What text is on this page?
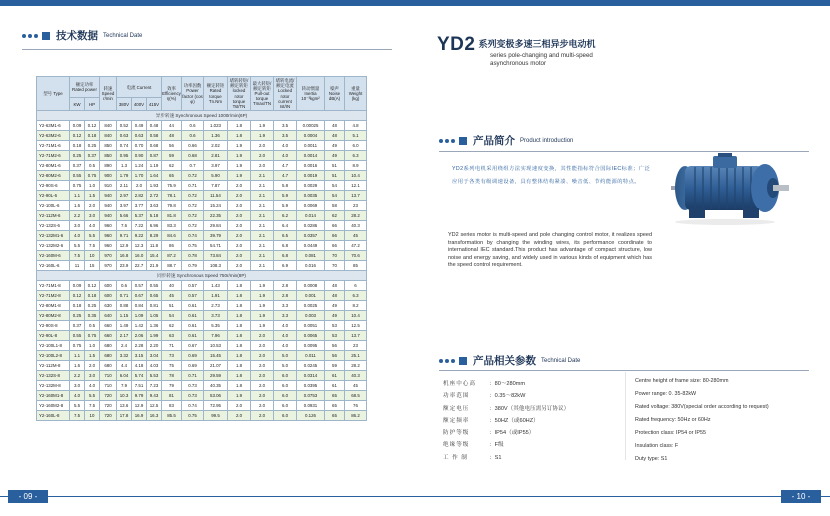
技术数据 Technical Date
型号 Type	额定功率 Rated power		转速 Speed r/min	电流 Current			效率 Efficiency η(%)	功率因数 Power factor (cos φ)	额定转矩 Rated torque Tn.Nm	堵转转矩/额定转矩 locked rotor torque Tst/TN	最大转矩/额定转矩 Pull-out torque Tmax/TN	堵转电流/额定电流 Locked rotor current Ist/IN	转动惯量 Inertia 10⁻³kgm²	噪声 Noise dB(A)	重量 Weight (kg)
	KW	HP		380V	400V	415V									
异步转速 Synchronous Speed 1000r/min(6P)															
Y2-63M1-6	0.09	0.12	840	0.52	0.49	0.48	44	0.6	1.023	1.8	1.9	3.5	0.00025	48	4.8
Y2-63M2-6	0.12	0.18	840	0.63	0.63	0.58	48	0.6	1.36	1.8	1.9	3.5	0.0004	48	5.1
Y2-71M1-6	0.18	0.25	850	0.74	0.70	0.68	56	0.66	2.02	1.9	2.0	4.0	0.0011	49	6.0
Y2-71M2-6	0.25	0.37	850	0.95	0.90	0.87	59	0.68	2.81	1.9	2.0	4.0	0.0014	49	6.3
Y2-80M1-6	0.37	0.5	890	1.3	1.24	1.19	62	0.7	3.97	1.9	2.0	4.7	0.0016	51	8.9
Y2-80M2-6	0.55	0.75	900	1.79	1.70	1.64	65	0.72	5.90	1.9	2.1	4.7	0.0019	51	10.4
Y2-90S-6	0.75	1.0	910	2.11	2.0	1.93	75.9	0.71	7.87	2.0	2.1	5.8	0.0029	54	12.1
Y2-90L-6	1.1	1.5	940	2.97	2.82	2.72	78.1	0.72	11.54	2.0	2.1	5.9	0.0035	54	13.7
Y2-100L-6	1.5	2.0	940	3.97	3.77	3.63	79.8	0.72	15.24	2.0	2.1	5.9	0.0069	58	23
Y2-112M-6	2.2	3.0	940	5.66	5.37	5.18	81.8	0.72	22.35	2.0	2.1	6.2	0.014	62	28.2
Y2-132S-6	3.0	4.0	960	7.6	7.22	6.96	83.3	0.72	29.84	2.0	2.1	6.4	0.0286	66	40.3
Y2-132M1-6	4.0	5.5	960	9.71	9.22	8.29	84.6	0.74	39.79	2.0	2.1	6.5	0.0357	66	45
Y2-132M2-6	5.5	7.5	960	12.9	12.3	11.8	86	0.75	54.71	2.0	2.1	6.8	0.0449	66	47.2
Y2-160M-6	7.5	10	970	16.8	16.0	15.4	87.2	0.78	73.84	2.0	2.1	6.8	0.081	70	70.6
Y2-160L-6	11	15	970	23.9	22.7	21.9	88.7	0.79	108.3	2.0	2.1	6.9	0.016	70	85
同步转速 Synchronous Speed 750r/min(8P)															
Y2-71M1-8	0.09	0.12	600	0.6	0.57	0.55	40	0.57	1.43	1.8	1.9	2.8	0.0008	48	6
Y2-71M2-8	0.12	0.18	600	0.71	0.67	0.65	45	0.57	1.91	1.8	1.9	2.8	0.001	48	6.3
Y2-80M1-8	0.18	0.25	630	0.88	0.84	0.81	51	0.61	2.73	1.8	1.9	3.3	0.0025	49	8.2
Y2-80M2-8	0.25	0.35	640	1.15	1.09	1.05	54	0.61	3.73	1.8	1.9	3.3	0.003	49	10.4
Y2-90S-8	0.37	0.5	660	1.49	1.42	1.36	62	0.61	5.35	1.8	1.9	4.0	0.0051	53	12.5
Y2-90L-8	0.55	0.75	660	2.17	2.06	1.99	63	0.61	7.96	1.8	2.0	4.0	0.0065	53	13.7
Y2-100L1-8	0.75	1.0	680	2.4	2.28	2.20	71	0.67	10.53	1.8	2.0	4.0	0.0095	56	23
Y2-100L2-8	1.1	1.5	680	3.32	3.15	3.04	73	0.69	15.45	1.8	2.0	5.0	0.011	56	25.1
Y2-112M-8	1.5	2.0	680	4.4	4.18	4.03	75	0.69	21.07	1.8	2.0	5.0	0.0245	59	28.2
Y2-132S-8	2.2	3.0	710	6.04	5.74	5.53	78	0.71	29.59	1.8	2.0	6.0	0.0314	61	40.3
Y2-132M-8	3.0	4.0	710	7.9	7.51	7.23	79	0.73	40.35	1.8	2.0	6.0	0.0395	61	45
Y2-160M1-8	4.0	5.5	720	10.3	9.79	9.43	81	0.73	53.06	1.9	2.0	6.0	0.0753	65	68.5
Y2-160M2-8	5.5	7.5	720	13.6	12.9	12.5	83	0.74	72.95	2.0	2.0	6.0	0.0931	65	76
Y2-160L-8	7.5	10	720	17.8	16.9	16.3	85.5	0.75	99.5	2.0	2.0	6.0	0.126	65	86.2
- 09 -
YD2 系列变极多速三相异步电动机
series pole-changing and multi-speed
asynchronous motor
产品简介 Product introduction
YD2系列电机采用绕组方法实现速度变换，其性能指标符合国际IEC标准；广泛应用于各类有级调速设备，具有整体结构紧凑、噪音低、节约能源的特点。
YD2 series motor is multi-speed and pole changing control motor, it realizes speed transformation by changing the winding wires, its performance coordinate to international IEC standard.This product has advantage of compact structure, low noise and energy saving, and widely used in various kinds of equipment which has the speed control requirement.
产品相关参数 Technical Date
机座中心高 ：80～280mm
功率范围	：0.35～82kW
额定电压	：380V（其他电压需另订协议）
额定频率	：50HZ（或60HZ）
防护等级	：IP54（或IP55）
绝缘等级	：F级
工 作 制	：S1
Centre height of frame size: 80-280mm
Power range: 0. 35-82kW
Rated voltage: 380V(special order according to request)
Rated frequency: 50Hz or 60Hz
Protection class: IP54 or IP55
Insulation class: F
Duty type: S1
- 10 -
